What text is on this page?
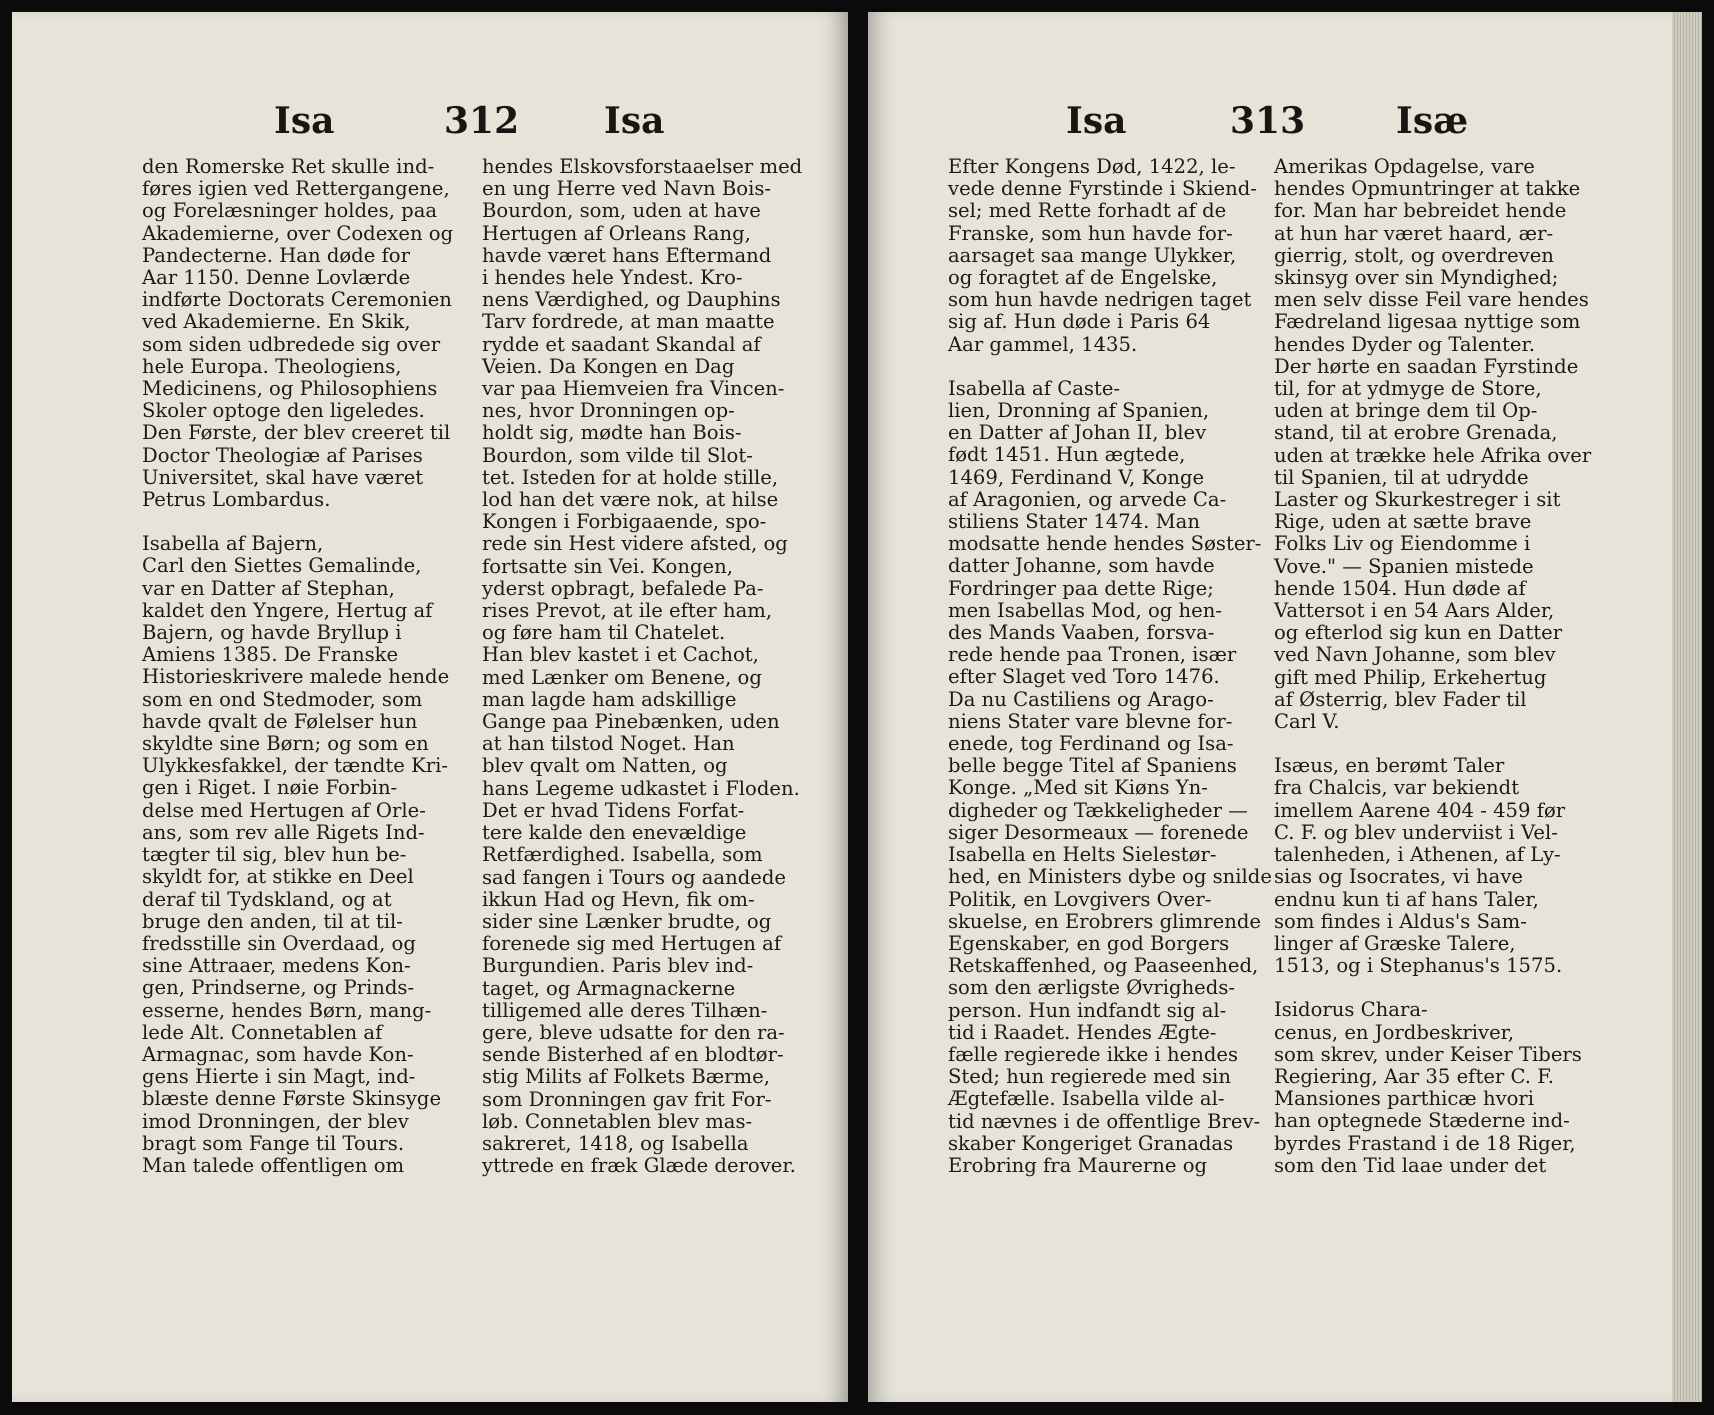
Isa	312 Isa

den Romerske Ret skulle ind-

føres igien ved Rettergangene,

og Forelæsninger holdes, paa

Akademierne, over Codexen og

Pandecterne. Han døde for

Aar 1150. Denne Lovlærde

indførte Doctorats Ceremonien

ved Akademierne. En Skik,

som siden udbredede sig over

hele Europa. Theologiens,

Medicinens, og Philosophiens

Skoler optoge den ligeledes.

Den Første, der blev creeret til

Doctor Theologiæ af Parises

Universitet, skal have været

Petrus Lombardus.

Isabella af Bajern,

Carl den Siettes Gemalinde,

var en Datter af Stephan,

kaldet den Yngere, Hertug af

Bajern, og havde Bryllup i

Amiens 1385. De Franske

Historieskrivere malede hende

som en ond Stedmoder, som

havde qvalt de Følelser hun

skyldte sine Børn; og som en

Ulykkesfakkel, der tændte Kri-

gen i Riget. I nøie Forbin-

delse med Hertugen af Orle-

ans, som rev alle Rigets Ind-

tægter til sig, blev hun be-

skyldt for, at stikke en Deel

deraf til Tydskland, og at

bruge den anden, til at til-

fredsstille sin Overdaad, og

sine Attraaer, medens Kon-

gen, Prindserne, og Prinds-

esserne, hendes Børn, mang-

lede Alt. Connetablen af

Armagnac, som havde Kon-

gens Hierte i sin Magt, ind-

blæste denne Første Skinsyge

imod Dronningen, der blev

bragt som Fange til Tours.

Man talede offentligen om

hendes Elskovsforstaaelser med

en ung Herre ved Navn Bois-

Bourdon, som, uden at have

Hertugen af Orleans Rang,

havde været hans Eftermand

i hendes hele Yndest. Kro-

nens Værdighed, og Dauphins

Tarv fordrede, at man maatte

rydde et saadant Skandal af

Veien. Da Kongen en Dag

var paa Hiemveien fra Vincen-

nes, hvor Dronningen op-

holdt sig, mødte han Bois-

Bourdon, som vilde til Slot-

tet. Isteden for at holde stille,

lod han det være nok, at hilse

Kongen i Forbigaaende, spo-

rede sin Hest videre afsted, og

fortsatte sin Vei. Kongen,

yderst opbragt, befalede Pa-

rises Prevot, at ile efter ham,

og føre ham til Chatelet.

Han blev kastet i et Cachot,

med Lænker om Benene, og

man lagde ham adskillige

Gange paa Pinebænken, uden

at han tilstod Noget. Han

blev qvalt om Natten, og

hans Legeme udkastet i Floden.

Det er hvad Tidens Forfat-

tere kalde den enevældige

Retfærdighed. Isabella, som

sad fangen i Tours og aandede

ikkun Had og Hevn, fik om-

sider sine Lænker brudte, og

forenede sig med Hertugen af

Burgundien. Paris blev ind-

taget, og Armagnackerne

tilligemed alle deres Tilhæn-

gere, bleve udsatte for den ra-

sende Bisterhed af en blodtør-

stig Milits af Folkets Bærme,

som Dronningen gav frit For-

løb. Connetablen blev mas-

sakreret, 1418, og Isabella

yttrede en fræk Glæde derover.

Isa	313	Isæ

Efter Kongens Død, 1422, le-

vede denne Fyrstinde i Skiend-

sel; med Rette forhadt af de

Franske, som hun havde for-

aarsaget saa mange Ulykker,

og foragtet af de Engelske,

som hun havde nedrigen taget

sig af. Hun døde i Paris 64

Aar gammel, 1435.

Isabella af Caste-

lien, Dronning af Spanien,

en Datter af Johan II, blev

født 1451. Hun ægtede,

1469, Ferdinand V, Konge

af Aragonien, og arvede Ca-

stiliens Stater 1474. Man

modsatte hende hendes Søster-

datter Johanne, som havde

Fordringer paa dette Rige;

men Isabellas Mod, og hen-

des Mands Vaaben, forsva-

rede hende paa Tronen, især

efter Slaget ved Toro 1476.

Da nu Castiliens og Arago-

niens Stater vare blevne for-

enede, tog Ferdinand og Isa-

belle begge Titel af Spaniens

Konge. „Med sit Kiøns Yn-

digheder og Tækkeligheder —

siger Desormeaux — forenede

Isabella en Helts Sielestør-

hed, en Ministers dybe og snilde

Politik, en Lovgivers Over-

skuelse, en Erobrers glimrende

Egenskaber, en god Borgers

Retskaffenhed, og Paaseenhed,

som den ærligste Øvrigheds-

person. Hun indfandt sig al-

tid i Raadet. Hendes Ægte-

fælle regierede ikke i hendes

Sted; hun regierede med sin

Ægtefælle. Isabella vilde al-

tid nævnes i de offentlige Brev-

skaber Kongeriget Granadas

Erobring fra Maurerne og

Amerikas Opdagelse, vare

hendes Opmuntringer at takke

for. Man har bebreidet hende

at hun har været haard, ær-

gierrig, stolt, og overdreven

skinsyg over sin Myndighed;

men selv disse Feil vare hendes

Fædreland ligesaa nyttige som

hendes Dyder og Talenter.

Der hørte en saadan Fyrstinde

til, for at ydmyge de Store,

uden at bringe dem til Op-

stand, til at erobre Grenada,

uden at trække hele Afrika over

til Spanien, til at udrydde

Laster og Skurkestreger i sit

Rige, uden at sætte brave

Folks Liv og Eiendomme i

Vove." — Spanien mistede

hende 1504. Hun døde af

Vattersot i en 54 Aars Alder,

og efterlod sig kun en Datter

ved Navn Johanne, som blev

gift med Philip, Erkehertug

af Østerrig, blev Fader til

Carl V.

Isæus, en berømt Taler

fra Chalcis, var bekiendt

imellem Aarene 404 - 459 før

C. F. og blev underviist i Vel-

talenheden, i Athenen, af Ly-

sias og Isocrates, vi have

endnu kun ti af hans Taler,

som findes i Aldus's Sam-

linger af Græske Talere,

1513, og i Stephanus's 1575.

Isidorus Chara-

cenus, en Jordbeskriver,

som skrev, under Keiser Tibers

Regiering, Aar 35 efter C. F.

Mansiones parthicæ hvori

han optegnede Stæderne ind-

byrdes Frastand i de 18 Riger,

som den Tid laae under det
